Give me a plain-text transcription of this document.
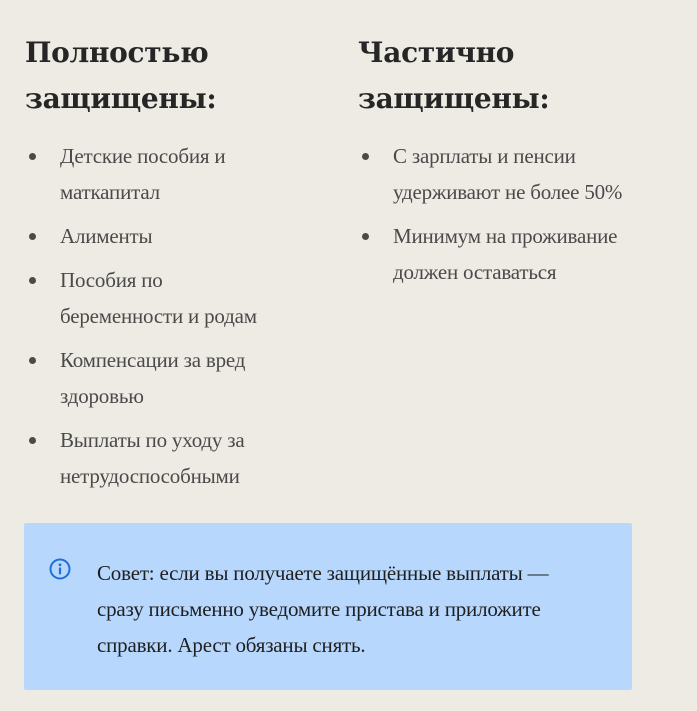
Полностью защищены:
Детские пособия и маткапитал
Алименты
Пособия по беременности и родам
Компенсации за вред здоровью
Выплаты по уходу за нетрудоспособными
Частично защищены:
С зарплаты и пенсии удерживают не более 50%
Минимум на проживание должен оставаться

Совет: если вы получаете защищённые выплаты — сразу письменно уведомите пристава и приложите справки. Арест обязаны снять.
